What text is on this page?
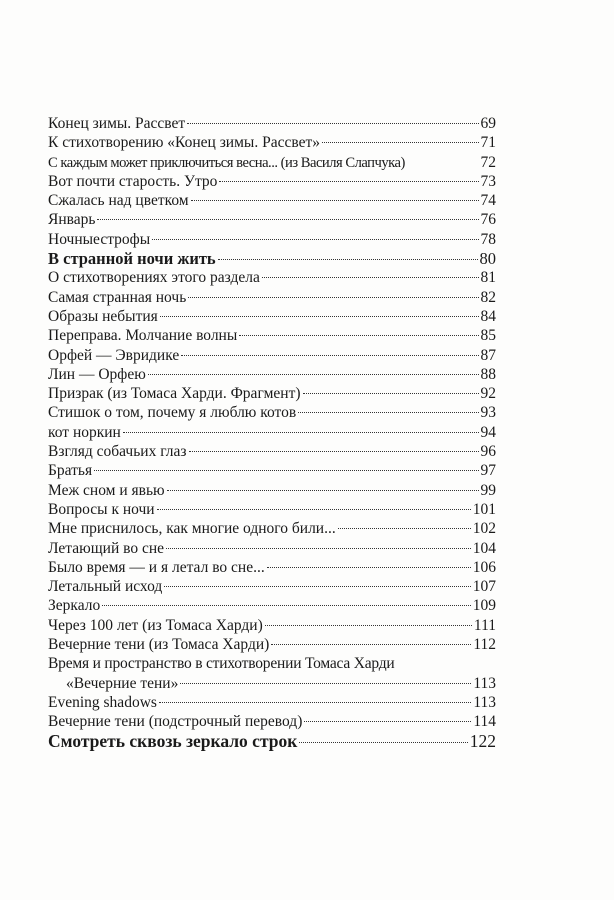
Конец зимы. Рассвет	69
К стихотворению «Конец зимы. Рассвет»	71
С каждым может приключиться весна... (из Василя Слапчука)	72
Вот почти старость. Утро	73
Сжалась над цветком	74
Январь	76
Ночныестрофы	78
В странной ночи жить	80
О стихотворениях этого раздела	81
Самая странная ночь	82
Образы небытия	84
Переправа. Молчание волны	85
Орфей — Эвридике	87
Лин — Орфею	88
Призрак (из Томаса Харди. Фрагмент)	92
Стишок о том, почему я люблю котов	93
кот норкин	94
Взгляд собачьих глаз	96
Братья	97
Меж сном и явью	99
Вопросы к ночи	101
Мне приснилось, как многие одного били...	102
Летающий во сне	104
Было время — и я летал во сне...	106
Летальный исход	107
Зеркало	109
Через 100 лет (из Томаса Харди)	111
Вечерние тени (из Томаса Харди)	112
Время и пространство в стихотворении Томаса Харди
«Вечерние тени»	113
Evening shadows	113
Вечерние тени (подстрочный перевод)	114
Смотреть сквозь зеркало строк	122
